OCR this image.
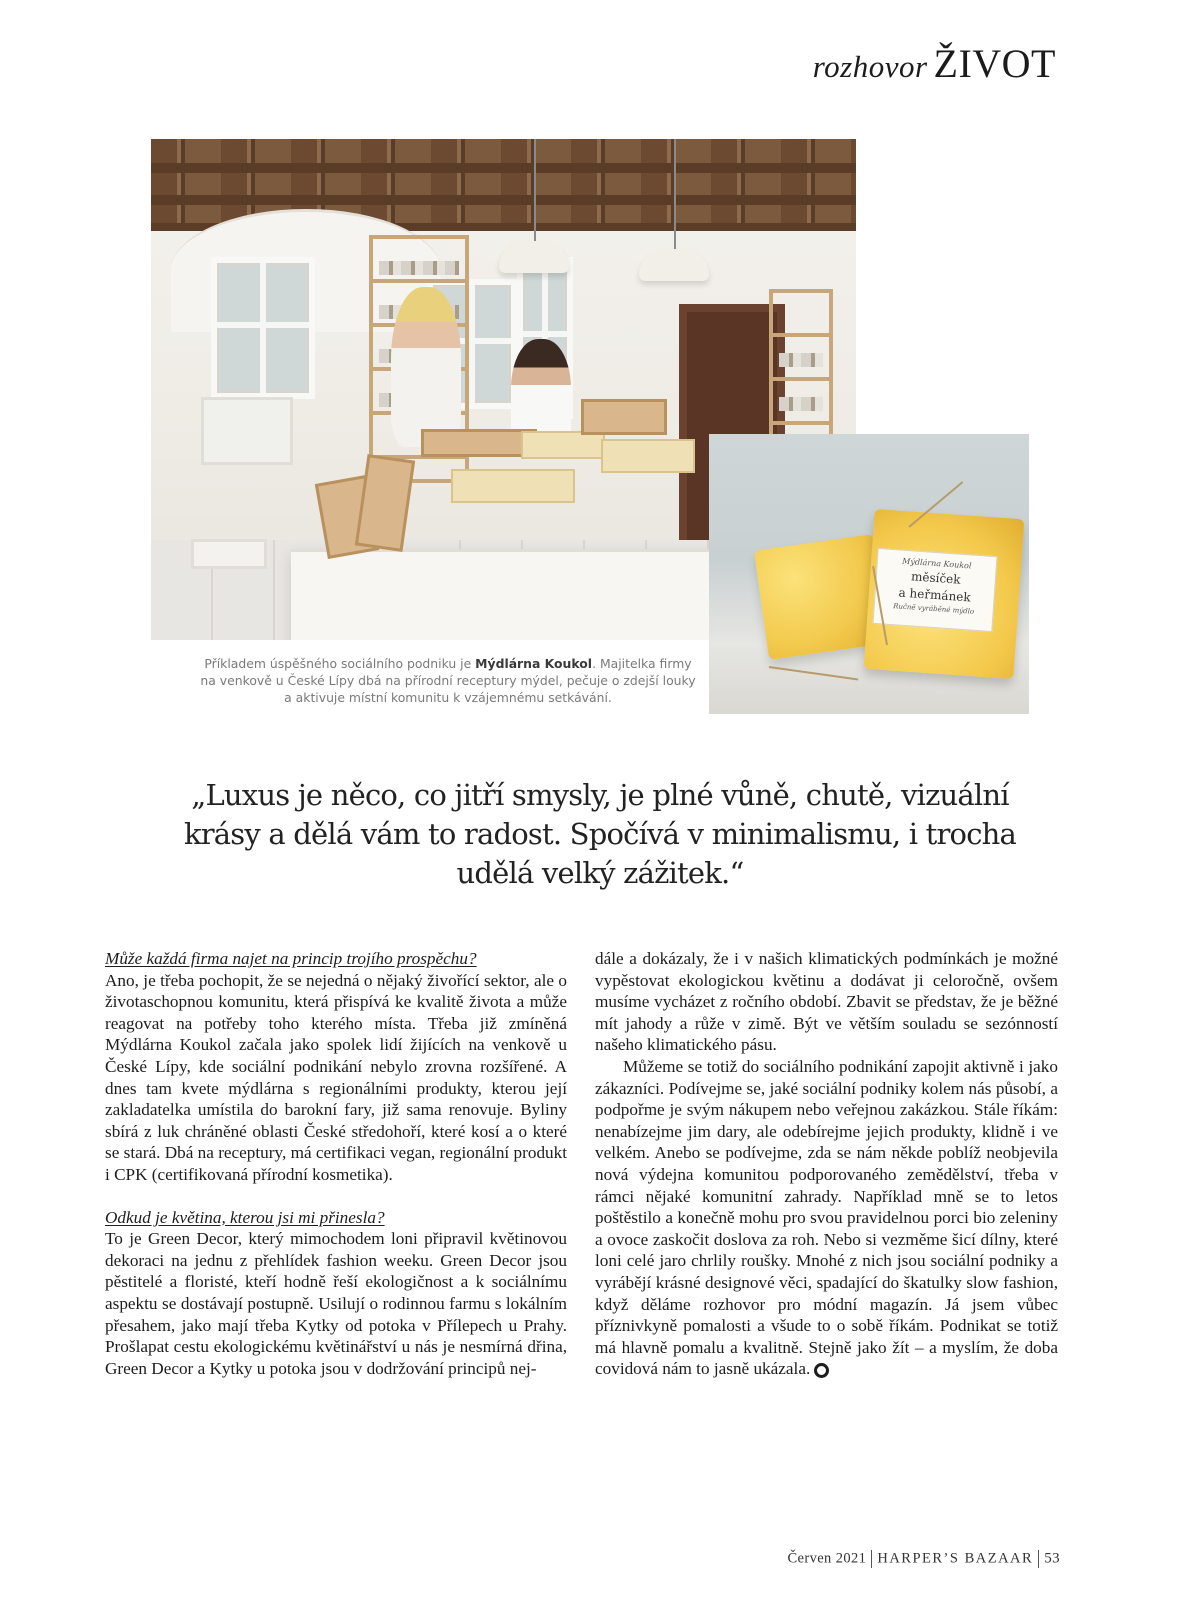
rozhovor ŽIVOT
Mýdlárna Koukol
měsíček
a heřmánek
Ručně vyráběné mýdlo
Příkladem úspěšného sociálního podniku je Mýdlárna Koukol. Majitelka firmy na venkově u České Lípy dbá na přírodní receptury mýdel, pečuje o zdejší louky a aktivuje místní komunitu k vzájemnému setkávání.
„Luxus je něco, co jitří smysly, je plné vůně, chutě, vizuální krásy a dělá vám to radost. Spočívá v minimalismu, i trocha udělá velký zážitek.“

Může každá firma najet na princip trojího prospěchu?

Ano, je třeba pochopit, že se nejedná o nějaký živořící sektor, ale o životaschopnou komunitu, která přispívá ke kvalitě života a může reagovat na potřeby toho kterého místa. Třeba již zmíněná Mýdlárna Koukol začala jako spolek lidí žijících na venkově u České Lípy, kde sociální podnikání nebylo zrovna rozšířené. A dnes tam kvete mýdlárna s regionálními produkty, kterou její zakladatelka umístila do barokní fary, již sama renovuje. Byliny sbírá z luk chráněné oblasti České středohoří, které kosí a o které se stará. Dbá na receptury, má certifikaci vegan, regionální produkt i CPK (certifikovaná přírodní kosmetika).

Odkud je květina, kterou jsi mi přinesla?

To je Green Decor, který mimochodem loni připravil květinovou dekoraci na jednu z přehlídek fashion weeku. Green Decor jsou pěstitelé a floristé, kteří hodně řeší ekologičnost a k sociálnímu aspektu se dostávají postupně. Usilují o rodinnou farmu s lokálním přesahem, jako mají třeba Kytky od potoka v Přílepech u Prahy. Prošlapat cestu ekologickému květinářství u nás je nesmírná dřina, Green Decor a Kytky u potoka jsou v dodržování principů nej-

dále a dokázaly, že i v našich klimatických podmínkách je možné vypěstovat ekologickou květinu a dodávat ji celoročně, ovšem musíme vycházet z ročního období. Zbavit se představ, že je běžné mít jahody a růže v zimě. Být ve větším souladu se sezónností našeho klimatického pásu.

Můžeme se totiž do sociálního podnikání zapojit aktivně i jako zákazníci. Podívejme se, jaké sociální podniky kolem nás působí, a podpořme je svým nákupem nebo veřejnou zakázkou. Stále říkám: nenabízejme jim dary, ale odebírejme jejich produkty, klidně i ve velkém. Anebo se podívejme, zda se nám někde poblíž neobjevila nová výdejna komunitou podporovaného zemědělství, třeba v rámci nějaké komunitní zahrady. Například mně se to letos poštěstilo a konečně mohu pro svou pravidelnou porci bio zeleniny a ovoce zaskočit doslova za roh. Nebo si vezměme šicí dílny, které loni celé jaro chrlily roušky. Mnohé z nich jsou sociální podniky a vyrábějí krásné designové věci, spadající do škatulky slow fashion, když děláme rozhovor pro módní magazín. Já jsem vůbec příznivkyně pomalosti a všude to o sobě říkám. Podnikat se totiž má hlavně pomalu a kvalitně. Stejně jako žít – a myslím, že doba covidová nám to jasně ukázala.

Červen 2021 HARPER’S BAZAAR 53
